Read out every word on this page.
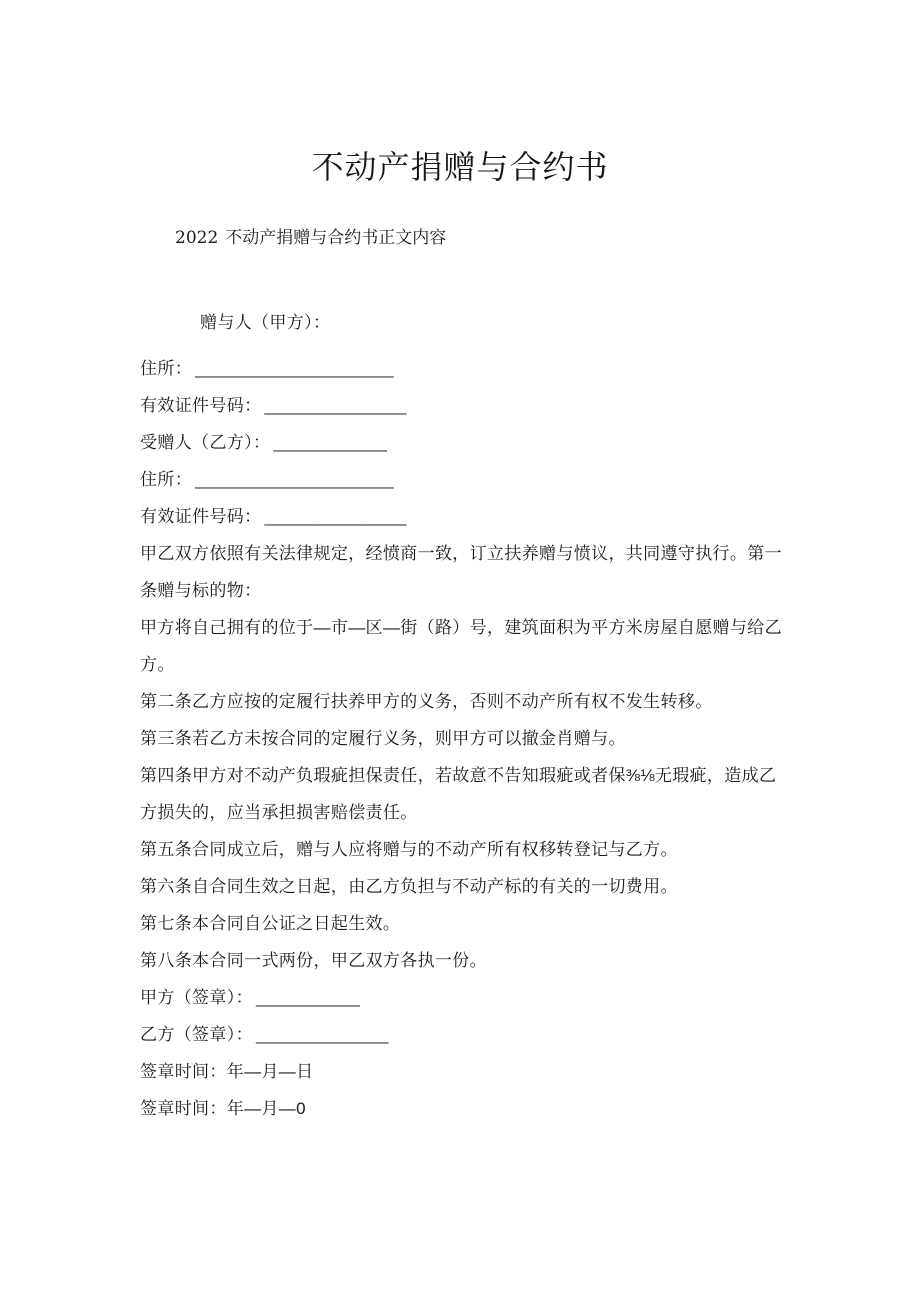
不动产捐赠与合约书

2022 不动产捐赠与合约书正文内容

赠与人（甲方）：

住所： _____________________

有效证件号码： _______________

受赠人（乙方）： ____________

住所： _____________________

有效证件号码： _______________

甲乙双方依照有关法律规定，经愤商一致，订立扶养赠与愤议，共同遵守执行。第一条赠与标的物：

甲方将自己拥有的位于—市—区—街（路）号，建筑面积为平方米房屋自愿赠与给乙方。

第二条乙方应按的定履行扶养甲方的义务，否则不动产所有权不发生转移。

第三条若乙方未按合同的定履行义务，则甲方可以撤金肖赠与。

第四条甲方对不动产负瑕疵担保责任，若故意不告知瑕疵或者保⅜⅛无瑕疵，造成乙方损失的，应当承担损害赔偿责任。

第五条合同成立后，赠与人应将赠与的不动产所有权移转登记与乙方。

第六条自合同生效之日起，由乙方负担与不动产标的有关的一切费用。

第七条本合同自公证之日起生效。

第八条本合同一式两份，甲乙双方各执一份。

甲方（签章）： ___________

乙方（签章）： ______________

签章时间：年—月—日

签章时间：年—月—0
